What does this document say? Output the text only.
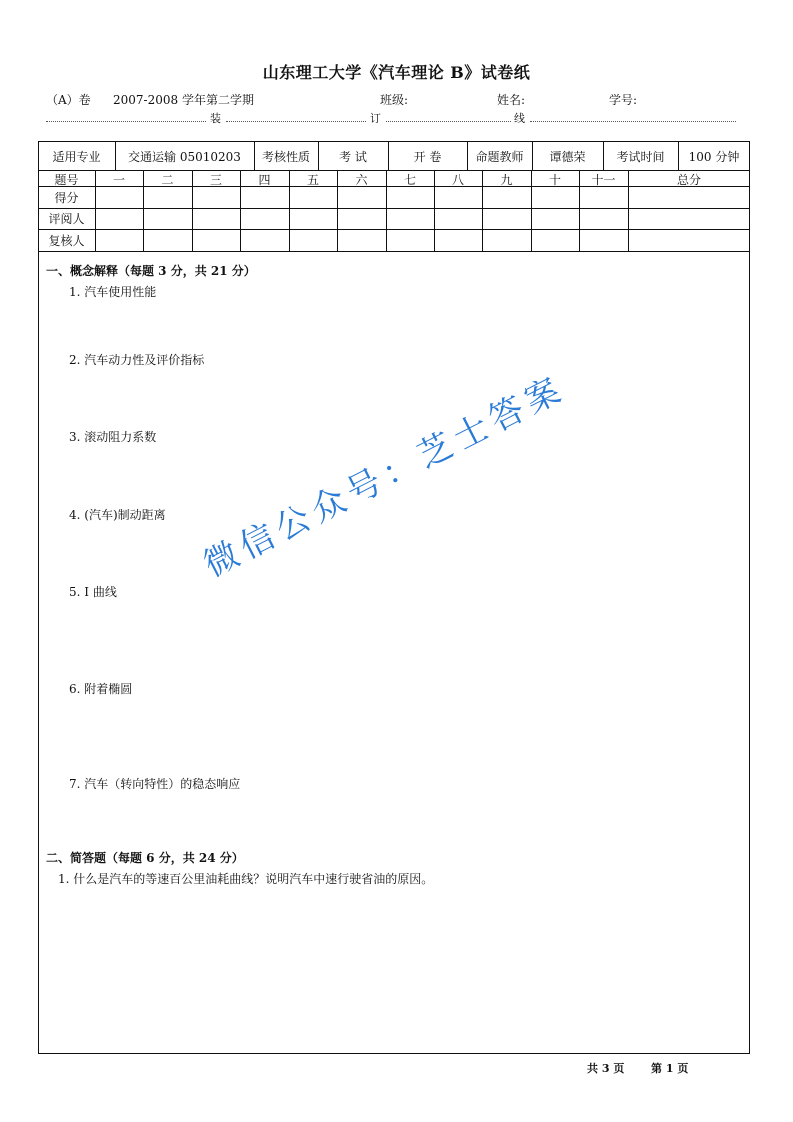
山东理工大学《汽车理论 B》试卷纸
（A）卷 2007-2008 学年第二学期	班级:	姓名:	学号:
装	订	线
适用专业	交通运输 05010203	考核性质	考 试	开 卷	命题教师	谭德荣	考试时间	100 分钟
题号	一	二	三	四	五	六	七	八	九	十	十一	总分
得分
评阅人
复核人
一、概念解释（每题 3 分，共 21 分）
1. 汽车使用性能
2. 汽车动力性及评价指标
3. 滚动阻力系数
4. (汽车)制动距离
5. I 曲线
6. 附着椭圆
7. 汽车（转向特性）的稳态响应
二、简答题（每题 6 分，共 24 分）
1. 什么是汽车的等速百公里油耗曲线？说明汽车中速行驶省油的原因。
微信公众号：芝士答案
共 3 页 第 1 页
